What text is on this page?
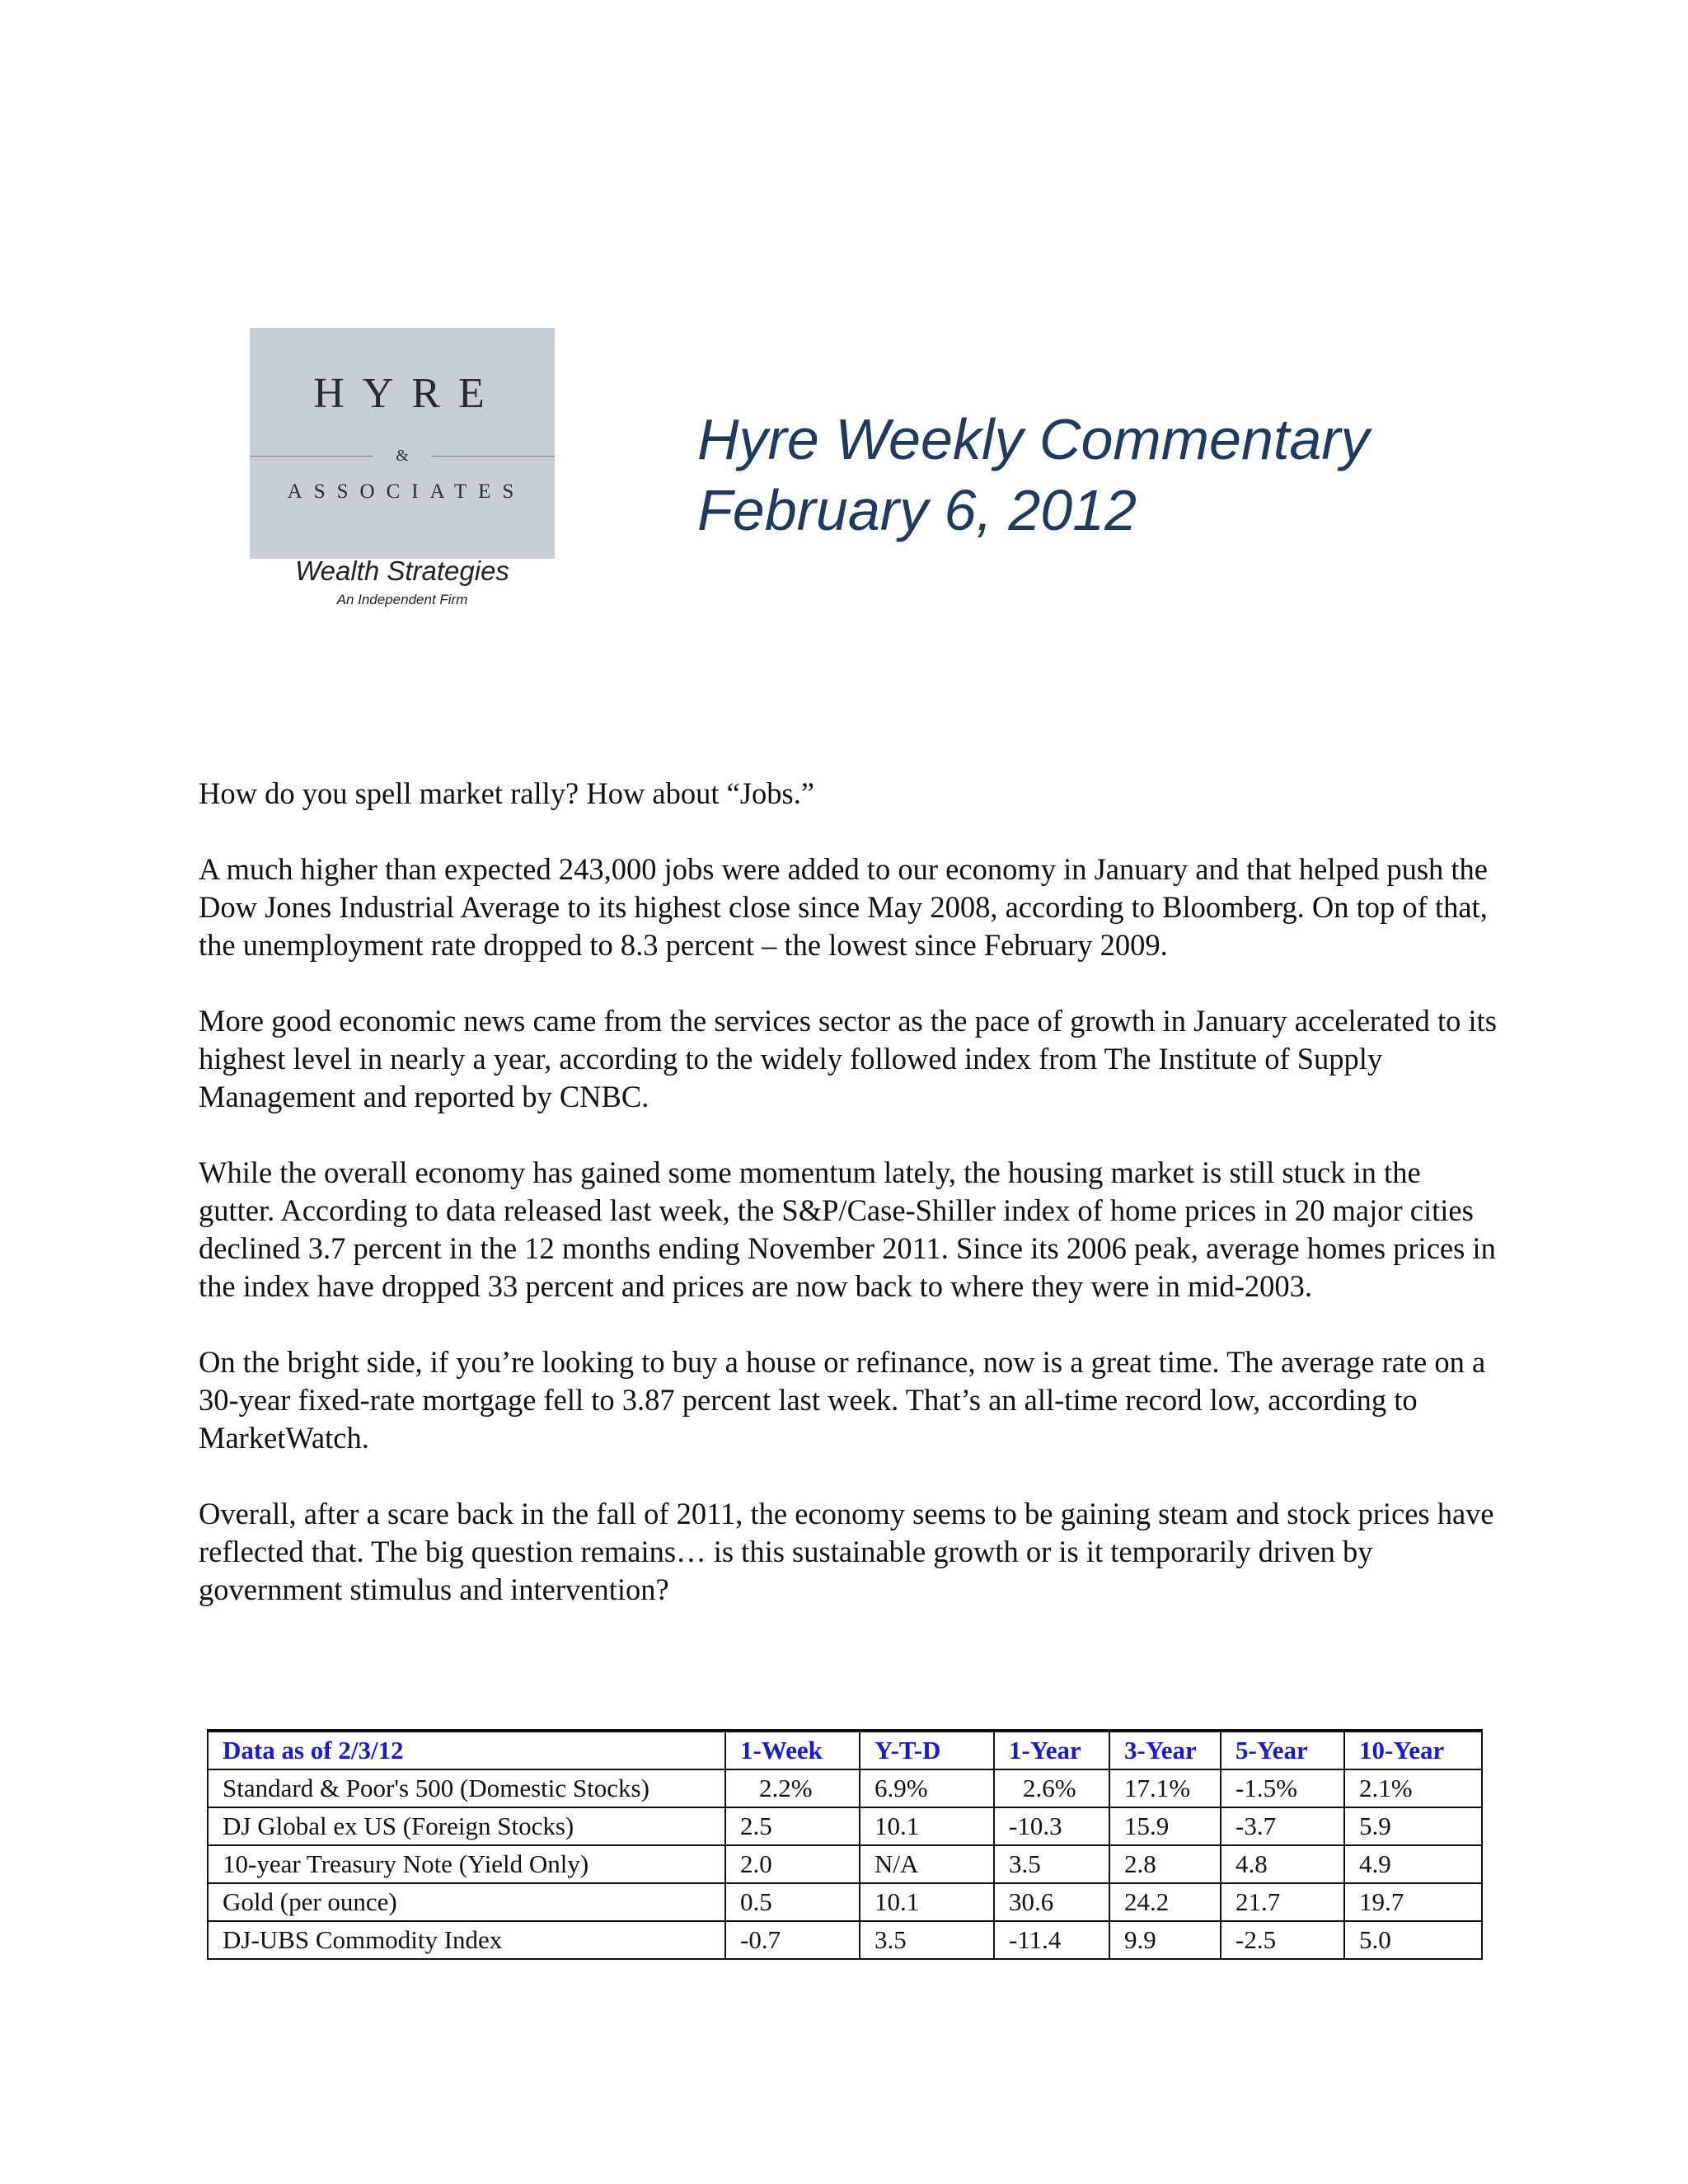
HYRE
&
ASSOCIATES
Wealth Strategies
An Independent Firm
Hyre Weekly Commentary
February 6, 2012

How do you spell market rally? How about “Jobs.”

A much higher than expected 243,000 jobs were added to our economy in January and that helped push the Dow Jones Industrial Average to its highest close since May 2008, according to Bloomberg. On top of that, the unemployment rate dropped to 8.3 percent – the lowest since February 2009.

More good economic news came from the services sector as the pace of growth in January accelerated to its highest level in nearly a year, according to the widely followed index from The Institute of Supply Management and reported by CNBC.

While the overall economy has gained some momentum lately, the housing market is still stuck in the gutter. According to data released last week, the S&P/Case-Shiller index of home prices in 20 major cities declined 3.7 percent in the 12 months ending November 2011. Since its 2006 peak, average homes prices in the index have dropped 33 percent and prices are now back to where they were in mid-2003.

On the bright side, if you’re looking to buy a house or refinance, now is a great time. The average rate on a 30-year fixed-rate mortgage fell to 3.87 percent last week. That’s an all-time record low, according to MarketWatch.

Overall, after a scare back in the fall of 2011, the economy seems to be gaining steam and stock prices have reflected that. The big question remains… is this sustainable growth or is it temporarily driven by government stimulus and intervention?

Data as of 2/3/12	1-Week	Y-T-D	1-Year	3-Year	5-Year	10-Year
Standard & Poor's 500 (Domestic Stocks)	2.2%	6.9%	2.6%	17.1%	-1.5%	2.1%
DJ Global ex US (Foreign Stocks)	2.5	10.1	-10.3	15.9	-3.7	5.9
10-year Treasury Note (Yield Only)	2.0	N/A	3.5	2.8	4.8	4.9
Gold (per ounce)	0.5	10.1	30.6	24.2	21.7	19.7
DJ-UBS Commodity Index	-0.7	3.5	-11.4	9.9	-2.5	5.0
